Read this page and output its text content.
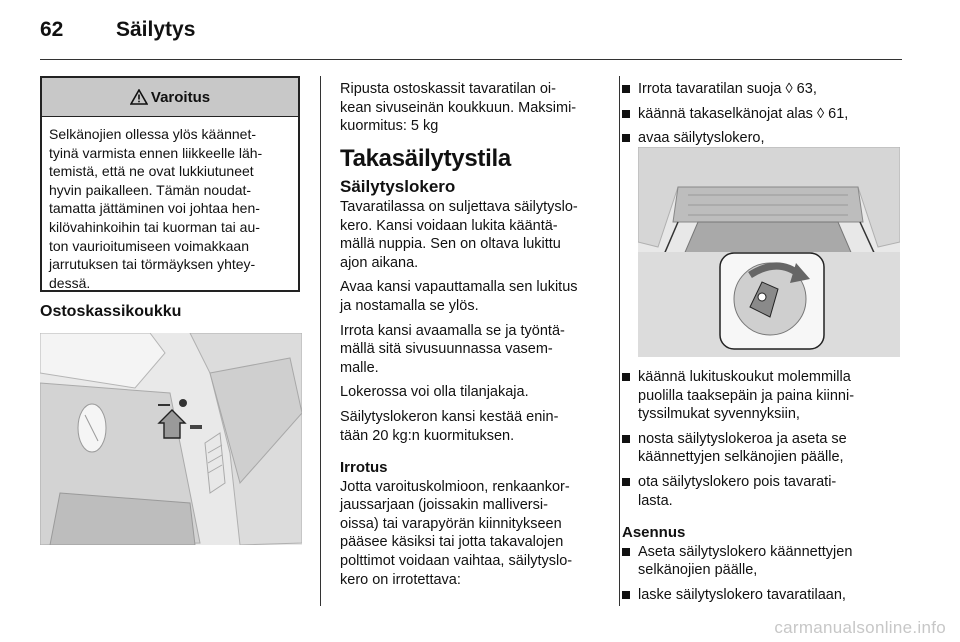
62	Säilytys
Varoitus
Selkänojien ollessa ylös käännet-
tyinä varmista ennen liikkeelle läh-
temistä, että ne ovat lukkiutuneet
hyvin paikalleen. Tämän noudat-
tamatta jättäminen voi johtaa hen-
kilövahinkoihin tai kuorman tai au-
ton vaurioitumiseen voimakkaan
jarrutuksen tai törmäyksen yhtey-
dessä.
Ostoskassikoukku
Ripusta ostoskassit tavaratilan oi-
kean sivuseinän koukkuun. Maksimi-
kuormitus: 5 kg
Takasäilytystila
Säilytyslokero
Tavaratilassa on suljettava säilytyslo-
kero. Kansi voidaan lukita kääntä-
mällä nuppia. Sen on oltava lukittu
ajon aikana.
Avaa kansi vapauttamalla sen lukitus
ja nostamalla se ylös.
Irrota kansi avaamalla se ja työntä-
mällä sitä sivusuunnassa vasem-
malle.
Lokerossa voi olla tilanjakaja.
Säilytyslokeron kansi kestää enin-
tään 20 kg:n kuormituksen.
Irrotus
Jotta varoituskolmioon, renkaankor-
jaussarjaan (joissakin malliversi-
oissa) tai varapyörän kiinnitykseen
pääsee käsiksi tai jotta takavalojen
polttimot voidaan vaihtaa, säilytyslo-
kero on irrotettava:
Irrota tavaratilan suoja ◊ 63,
käännä takaselkänojat alas ◊ 61,
avaa säilytyslokero,
käännä lukituskoukut molemmilla
puolilla taaksepäin ja paina kiinni-
tyssilmukat syvennyksiin,
nosta säilytyslokeroa ja aseta se
käännettyjen selkänojien päälle,
ota säilytyslokero pois tavarati-
lasta.
Asennus
Aseta säilytyslokero käännettyjen
selkänojien päälle,
laske säilytyslokero tavaratilaan,
carmanualsonline.info
